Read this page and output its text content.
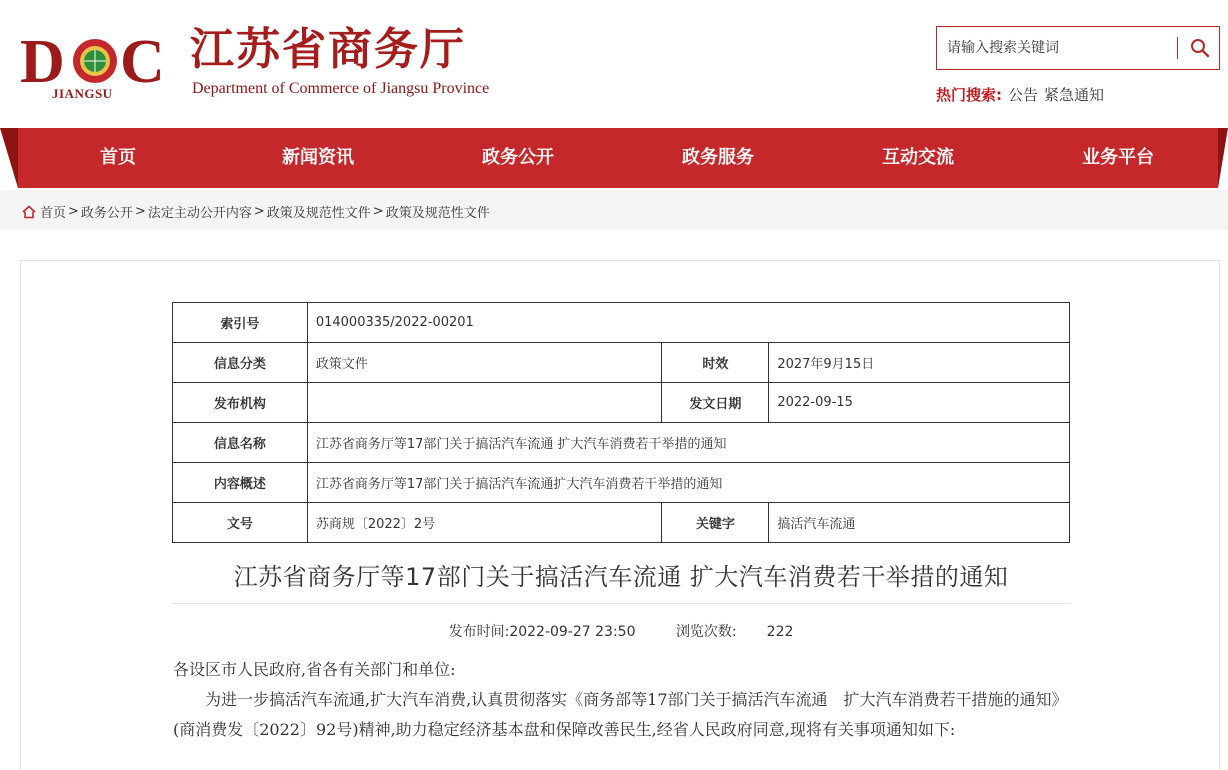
D C
JIANGSU
江苏省商务厅
Department of Commerce of Jiangsu Province
请输入搜索关键词	热门搜索: 公告 紧急通知
首页	新闻资讯	政务公开	政务服务	互动交流	业务平台
首页 > 政务公开 > 法定主动公开内容 > 政策及规范性文件 > 政策及规范性文件
索引号	014000335/2022-00201		
信息分类	政策文件	时效	2027年9月15日
发布机构		发文日期	2022-09-15
信息名称	江苏省商务厅等17部门关于搞活汽车流通 扩大汽车消费若干举措的通知		
内容概述	江苏省商务厅等17部门关于搞活汽车流通扩大汽车消费若干举措的通知		
文号	苏商规〔2022〕2号	关键字	搞活汽车流通
江苏省商务厅等17部门关于搞活汽车流通 扩大汽车消费若干举措的通知
发布时间:2022-09-27 23:50	浏览次数: 222

各设区市人民政府,省各有关部门和单位:

为进一步搞活汽车流通,扩大汽车消费,认真贯彻落实《商务部等17部门关于搞活汽车流通　扩大汽车消费若干措施的通知》(商消费发〔2022〕92号)精神,助力稳定经济基本盘和保障改善民生,经省人民政府同意,现将有关事项通知如下:
